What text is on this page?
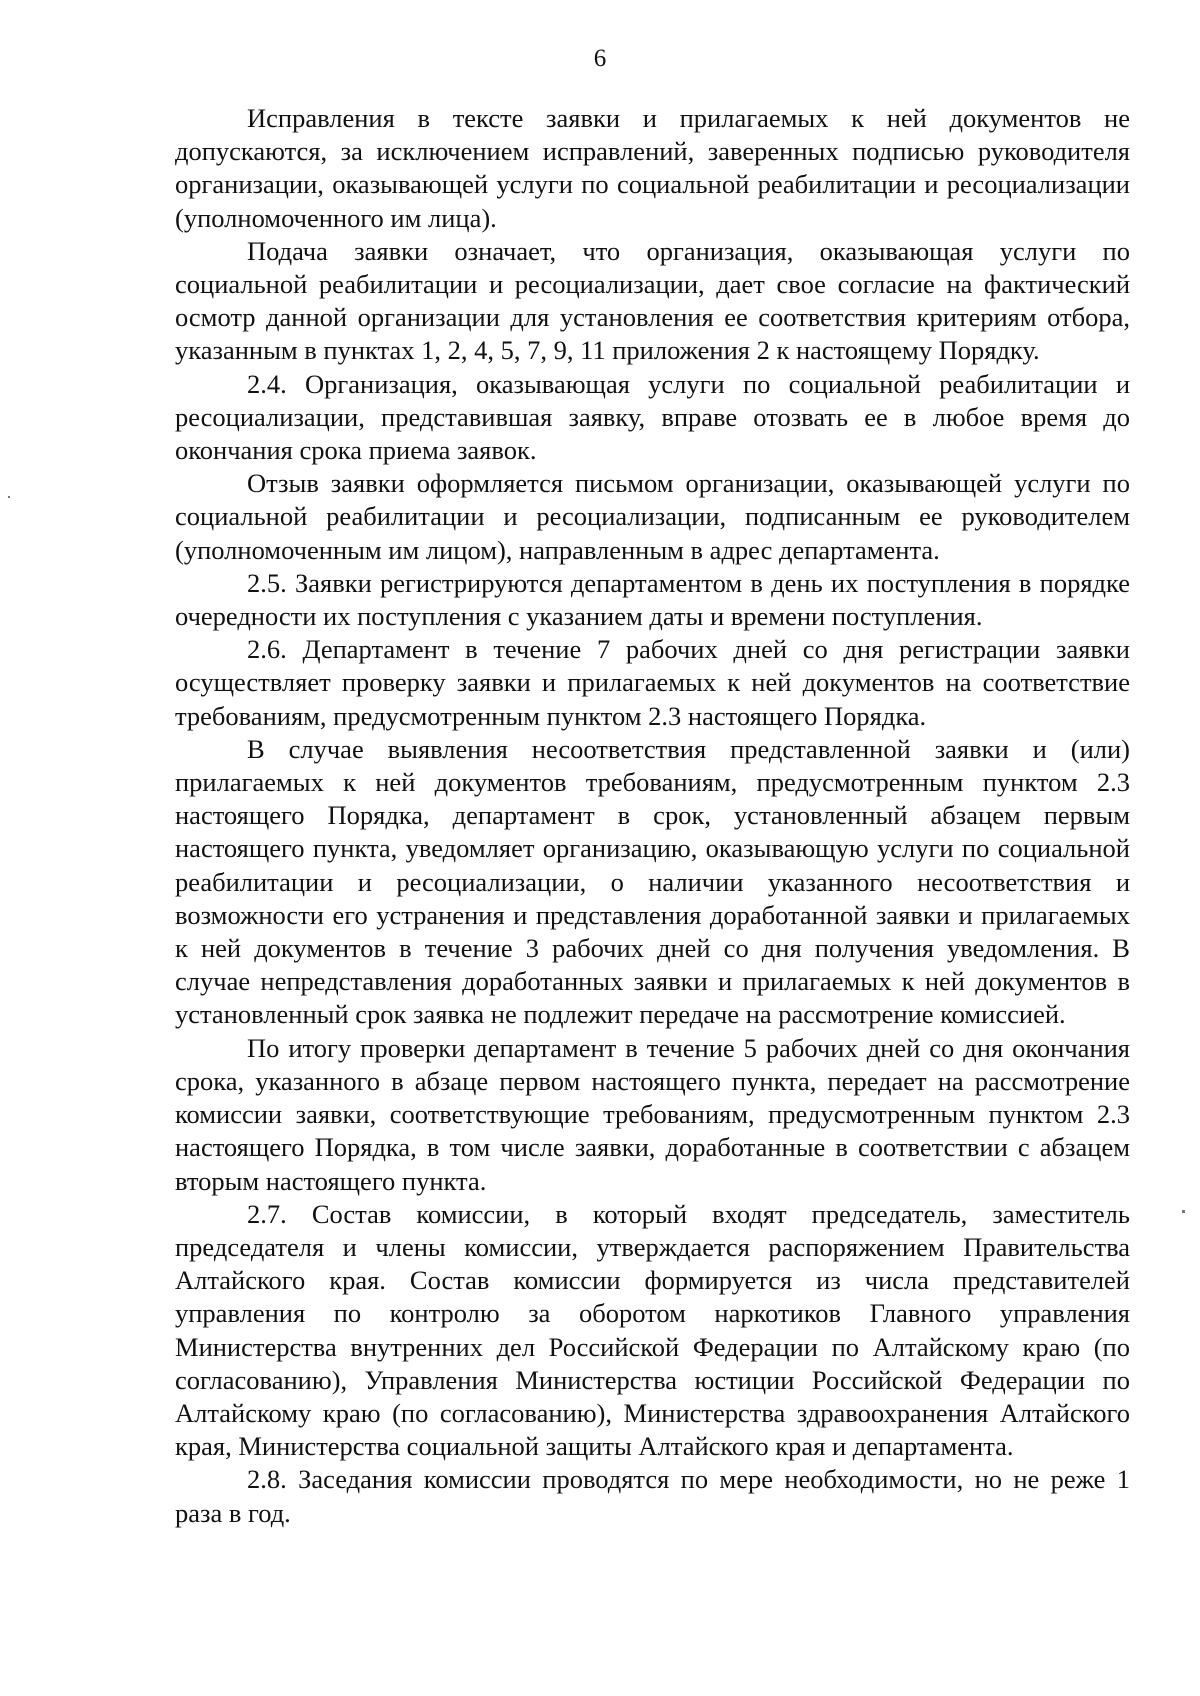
6

Исправления в тексте заявки и прилагаемых к ней документов не допускаются, за исключением исправлений, заверенных подписью руководителя организации, оказывающей услуги по социальной реабилитации и ресоциализации (уполномоченного им лица).

Подача заявки означает, что организация, оказывающая услуги по социальной реабилитации и ресоциализации, дает свое согласие на фактический осмотр данной организации для установления ее соответствия критериям отбора, указанным в пунктах 1, 2, 4, 5, 7, 9, 11 приложения 2 к настоящему Порядку.

2.4. Организация, оказывающая услуги по социальной реабилитации и ресоциализации, представившая заявку, вправе отозвать ее в любое время до окончания срока приема заявок.

Отзыв заявки оформляется письмом организации, оказывающей услуги по социальной реабилитации и ресоциализации, подписанным ее руководителем (уполномоченным им лицом), направленным в адрес департамента.

2.5. Заявки регистрируются департаментом в день их поступления в порядке очередности их поступления с указанием даты и времени поступления.

2.6. Департамент в течение 7 рабочих дней со дня регистрации заявки осуществляет проверку заявки и прилагаемых к ней документов на соответствие требованиям, предусмотренным пунктом 2.3 настоящего Порядка.

В случае выявления несоответствия представленной заявки и (или) прилагаемых к ней документов требованиям, предусмотренным пунктом 2.3 настоящего Порядка, департамент в срок, установленный абзацем первым настоящего пункта, уведомляет организацию, оказывающую услуги по социальной реабилитации и ресоциализации, о наличии указанного несоответствия и возможности его устранения и представления доработанной заявки и прилагаемых к ней документов в течение 3 рабочих дней со дня получения уведомления. В случае непредставления доработанных заявки и прилагаемых к ней документов в установленный срок заявка не подлежит передаче на рассмотрение комиссией.

По итогу проверки департамент в течение 5 рабочих дней со дня окончания срока, указанного в абзаце первом настоящего пункта, передает на рассмотрение комиссии заявки, соответствующие требованиям, предусмотренным пунктом 2.3 настоящего Порядка, в том числе заявки, доработанные в соответствии с абзацем вторым настоящего пункта.

2.7. Состав комиссии, в который входят председатель, заместитель председателя и члены комиссии, утверждается распоряжением Правительства Алтайского края. Состав комиссии формируется из числа представителей управления по контролю за оборотом наркотиков Главного управления Министерства внутренних дел Российской Федерации по Алтайскому краю (по согласованию), Управления Министерства юстиции Российской Федерации по Алтайскому краю (по согласованию), Министерства здравоохранения Алтайского края, Министерства социальной защиты Алтайского края и департамента.

2.8. Заседания комиссии проводятся по мере необходимости, но не реже 1 раза в год.
